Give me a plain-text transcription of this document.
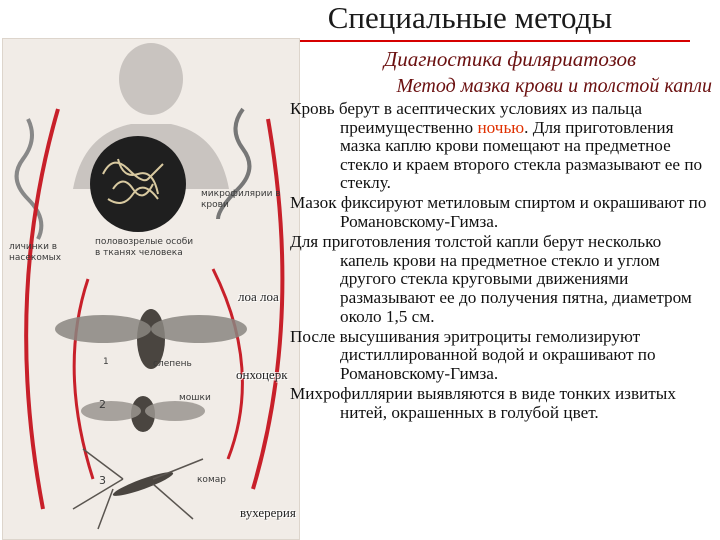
Специальные методы
Диагностика филяриатозов
Метод мазка крови и толстой капли
микрофилярии в крови
личинки в насекомых
половозрелые особи в тканях человека
1	слепень
2	мошки
3	комар
лоа лоа
онхоцерк
вухерерия

Кровь берут в асептических условиях из пальца преимущественно ночью. Для приготовления мазка каплю крови помещают на предметное стекло и краем второго стекла размазывают ее по стеклу.

Мазок фиксируют метиловым спиртом и окрашивают по Романовскому-Гимза.

Для приготовления толстой капли берут несколько капель крови на предметное стекло и углом другого стекла круговыми движениями размазывают ее до получения пятна, диаметром около 1,5 см.

После высушивания эритроциты гемолизируют дистиллированной водой и окрашивают по Романовскому-Гимза.

Михрофиллярии выявляются в виде тонких извитых нитей, окрашенных в голубой цвет.
